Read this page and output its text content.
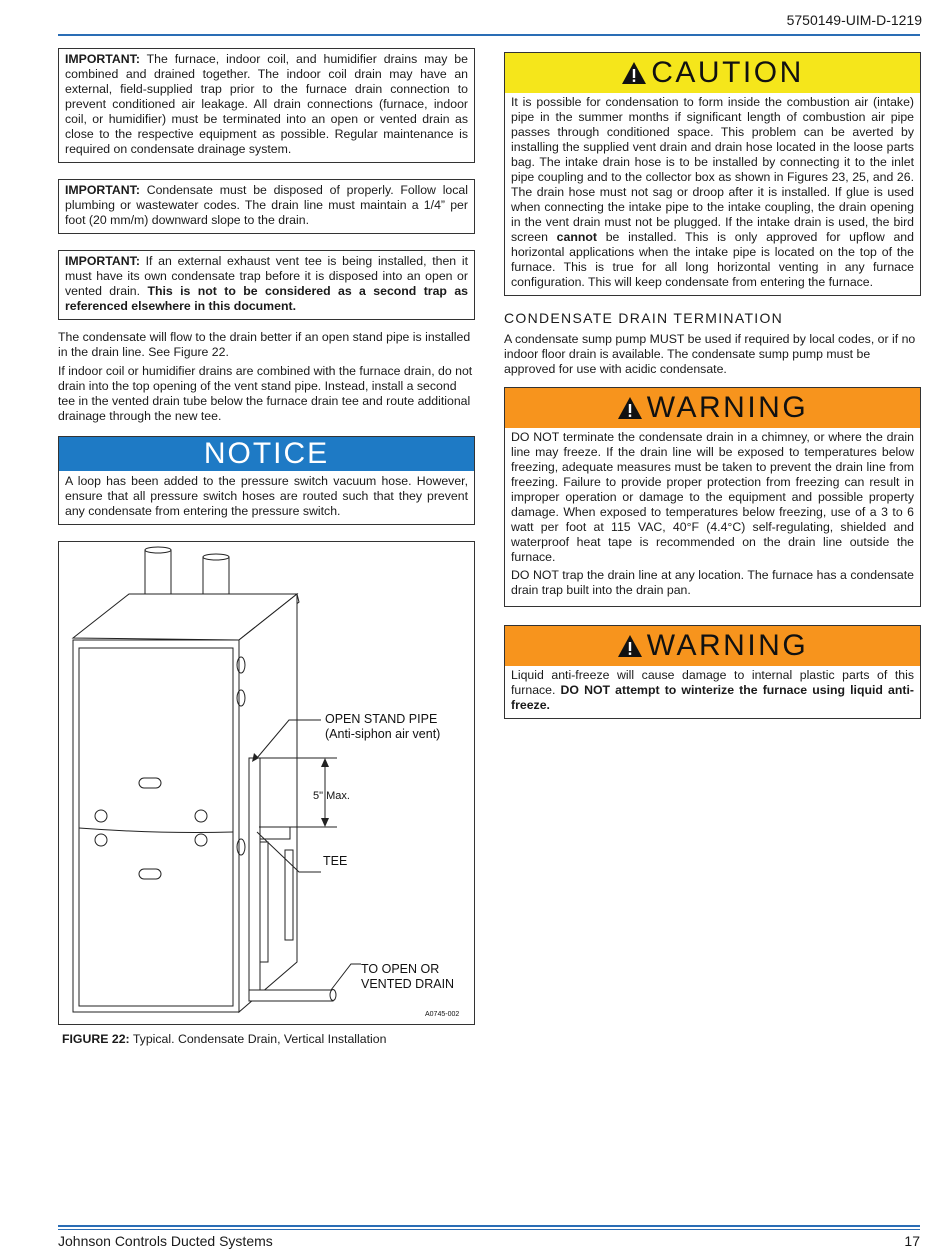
5750149-UIM-D-1219
IMPORTANT: The furnace, indoor coil, and humidifier drains may be combined and drained together. The indoor coil drain may have an external, field-supplied trap prior to the furnace drain connection to prevent conditioned air leakage. All drain connections (furnace, indoor coil, or humidifier) must be terminated into an open or vented drain as close to the respective equipment as possible. Regular maintenance is required on condensate drainage system.
IMPORTANT: Condensate must be disposed of properly. Follow local plumbing or wastewater codes. The drain line must maintain a 1/4” per foot (20 mm/m) downward slope to the drain.
IMPORTANT: If an external exhaust vent tee is being installed, then it must have its own condensate trap before it is disposed into an open or vented drain. This is not to be considered as a second trap as referenced elsewhere in this document.

The condensate will flow to the drain better if an open stand pipe is installed in the drain line. See Figure 22.

If indoor coil or humidifier drains are combined with the furnace drain, do not drain into the top opening of the vent stand pipe. Instead, install a second tee in the vented drain tube below the furnace drain tee and route additional drainage through the new tee.

NOTICE
A loop has been added to the pressure switch vacuum hose. However, ensure that all pressure switch hoses are routed such that they prevent any condensate from entering the pressure switch.
OPEN STAND PIPE
(Anti-siphon air vent)
5" Max.
TEE
TO OPEN OR
VENTED DRAIN
A0745-002
FIGURE 22: Typical. Condensate Drain, Vertical Installation
CAUTION
It is possible for condensation to form inside the combustion air (intake) pipe in the summer months if significant length of combustion air pipe passes through conditioned space. This problem can be averted by installing the supplied vent drain and drain hose located in the loose parts bag. The intake drain hose is to be installed by connecting it to the inlet pipe coupling and to the collector box as shown in Figures 23, 25, and 26. The drain hose must not sag or droop after it is installed. If glue is used when connecting the intake pipe to the intake coupling, the drain opening in the vent drain must not be plugged. If the intake drain is used, the bird screen cannot be installed. This is only approved for upflow and horizontal applications when the intake pipe is located on the top of the furnace. This is true for all long horizontal venting in any furnace configuration. This will keep condensate from entering the furnace.
CONDENSATE DRAIN TERMINATION

A condensate sump pump MUST be used if required by local codes, or if no indoor floor drain is available. The condensate sump pump must be approved for use with acidic condensate.

WARNING

DO NOT terminate the condensate drain in a chimney, or where the drain line may freeze. If the drain line will be exposed to temperatures below freezing, adequate measures must be taken to prevent the drain line from freezing. Failure to provide proper protection from freezing can result in improper operation or damage to the equipment and possible property damage. When exposed to temperatures below freezing, use of a 3 to 6 watt per foot at 115 VAC, 40°F (4.4°C) self-regulating, shielded and waterproof heat tape is recommended on the drain line outside the furnace.

DO NOT trap the drain line at any location. The furnace has a condensate drain trap built into the drain pan.

WARNING
Liquid anti-freeze will cause damage to internal plastic parts of this furnace. DO NOT attempt to winterize the furnace using liquid anti-freeze.
Johnson Controls Ducted Systems	17
